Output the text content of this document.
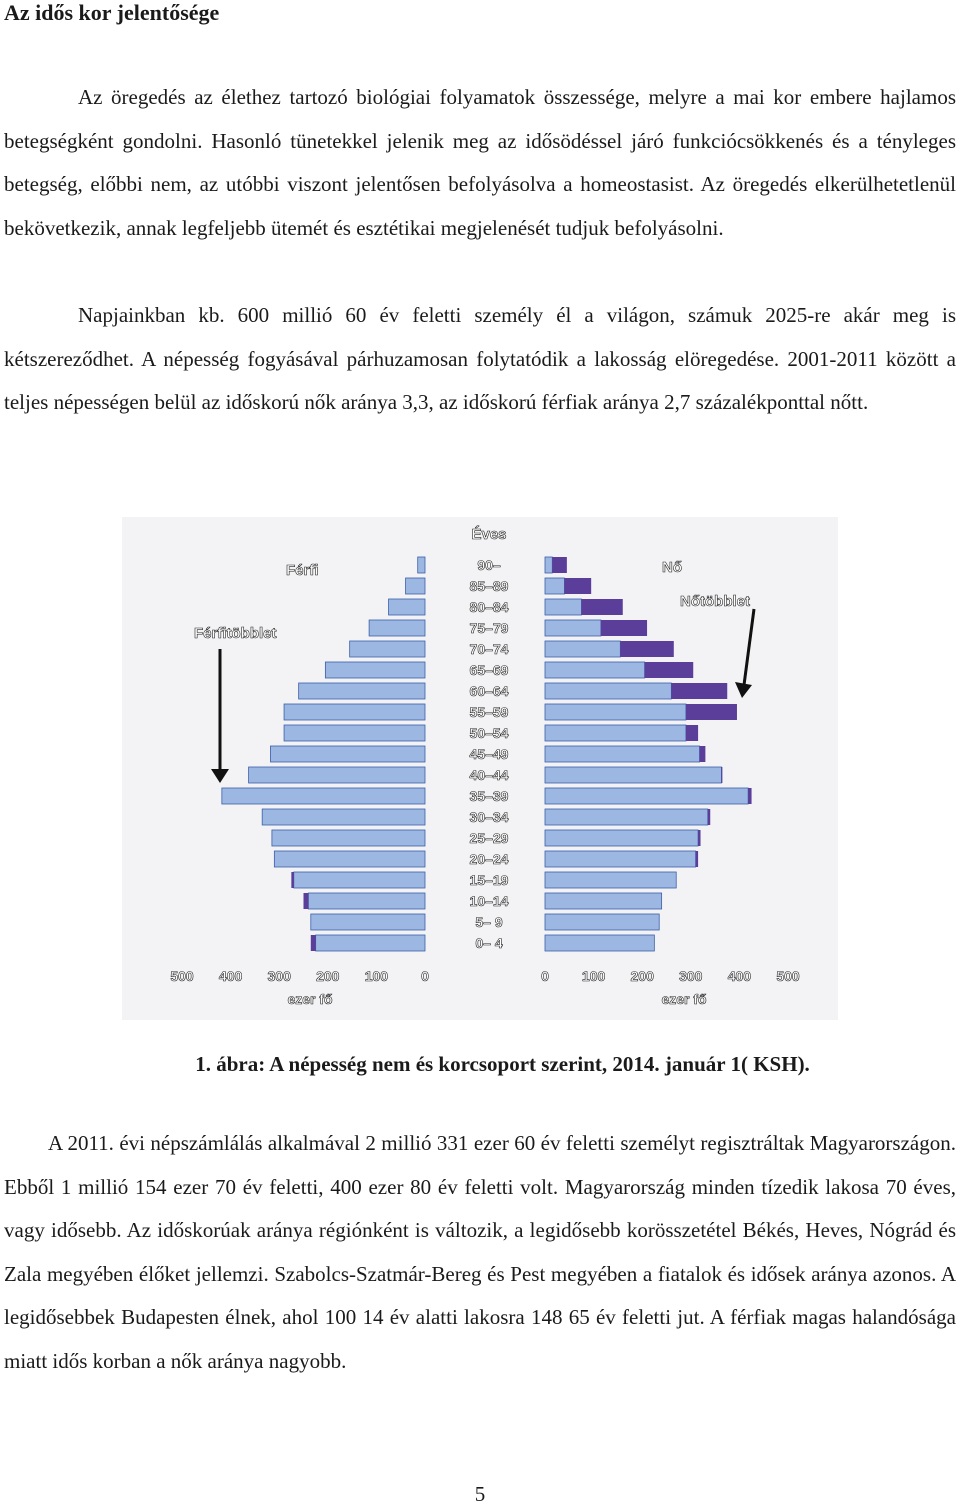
Az idős kor jelentősége

Az öregedés az élethez tartozó biológiai folyamatok összessége, melyre a mai kor embere hajlamos betegségként gondolni. Hasonló tünetekkel jelenik meg az idősödéssel járó funkciócsökkenés és a tényleges betegség, előbbi nem, az utóbbi viszont jelentősen befolyásolva a homeostasist. Az öregedés elkerülhetetlenül bekövetkezik, annak legfeljebb ütemét és esztétikai megjelenését tudjuk befolyásolni.

Napjainkban kb. 600 millió 60 év feletti személy él a világon, számuk 2025-re akár meg is kétszereződhet. A népesség fogyásával párhuzamosan folytatódik a lakosság elöregedése. 2001-2011 között a teljes népességen belül az időskorú nők aránya 3,3, az időskorú férfiak aránya 2,7 százalékponttal nőtt.

90–
85–89
80–84
75–79
70–74
65–69
60–64
55–59
50–54
45–49
40–44
35–39
30–34
25–29
20–24
15–19
10–14
5– 9
0– 4
500 400 300 200 100 0	0 100 200 300 400 500
Éves
Férfi	Nő
Férfitöbblet
Nőtöbblet
ezer fő	ezer fő
1. ábra: A népesség nem és korcsoport szerint, 2014. január 1( KSH).

A 2011. évi népszámlálás alkalmával 2 millió 331 ezer 60 év feletti személyt regisztráltak Magyarországon. Ebből 1 millió 154 ezer 70 év feletti, 400 ezer 80 év feletti volt. Magyarország minden tízedik lakosa 70 éves, vagy idősebb. Az időskorúak aránya régiónként is változik, a legidősebb korösszetétel Békés, Heves, Nógrád és Zala megyében élőket jellemzi. Szabolcs-Szatmár-Bereg és Pest megyében a fiatalok és idősek aránya azonos. A legidősebbek Budapesten élnek, ahol 100 14 év alatti lakosra 148 65 év feletti jut. A férfiak magas halandósága miatt idős korban a nők aránya nagyobb.

5
